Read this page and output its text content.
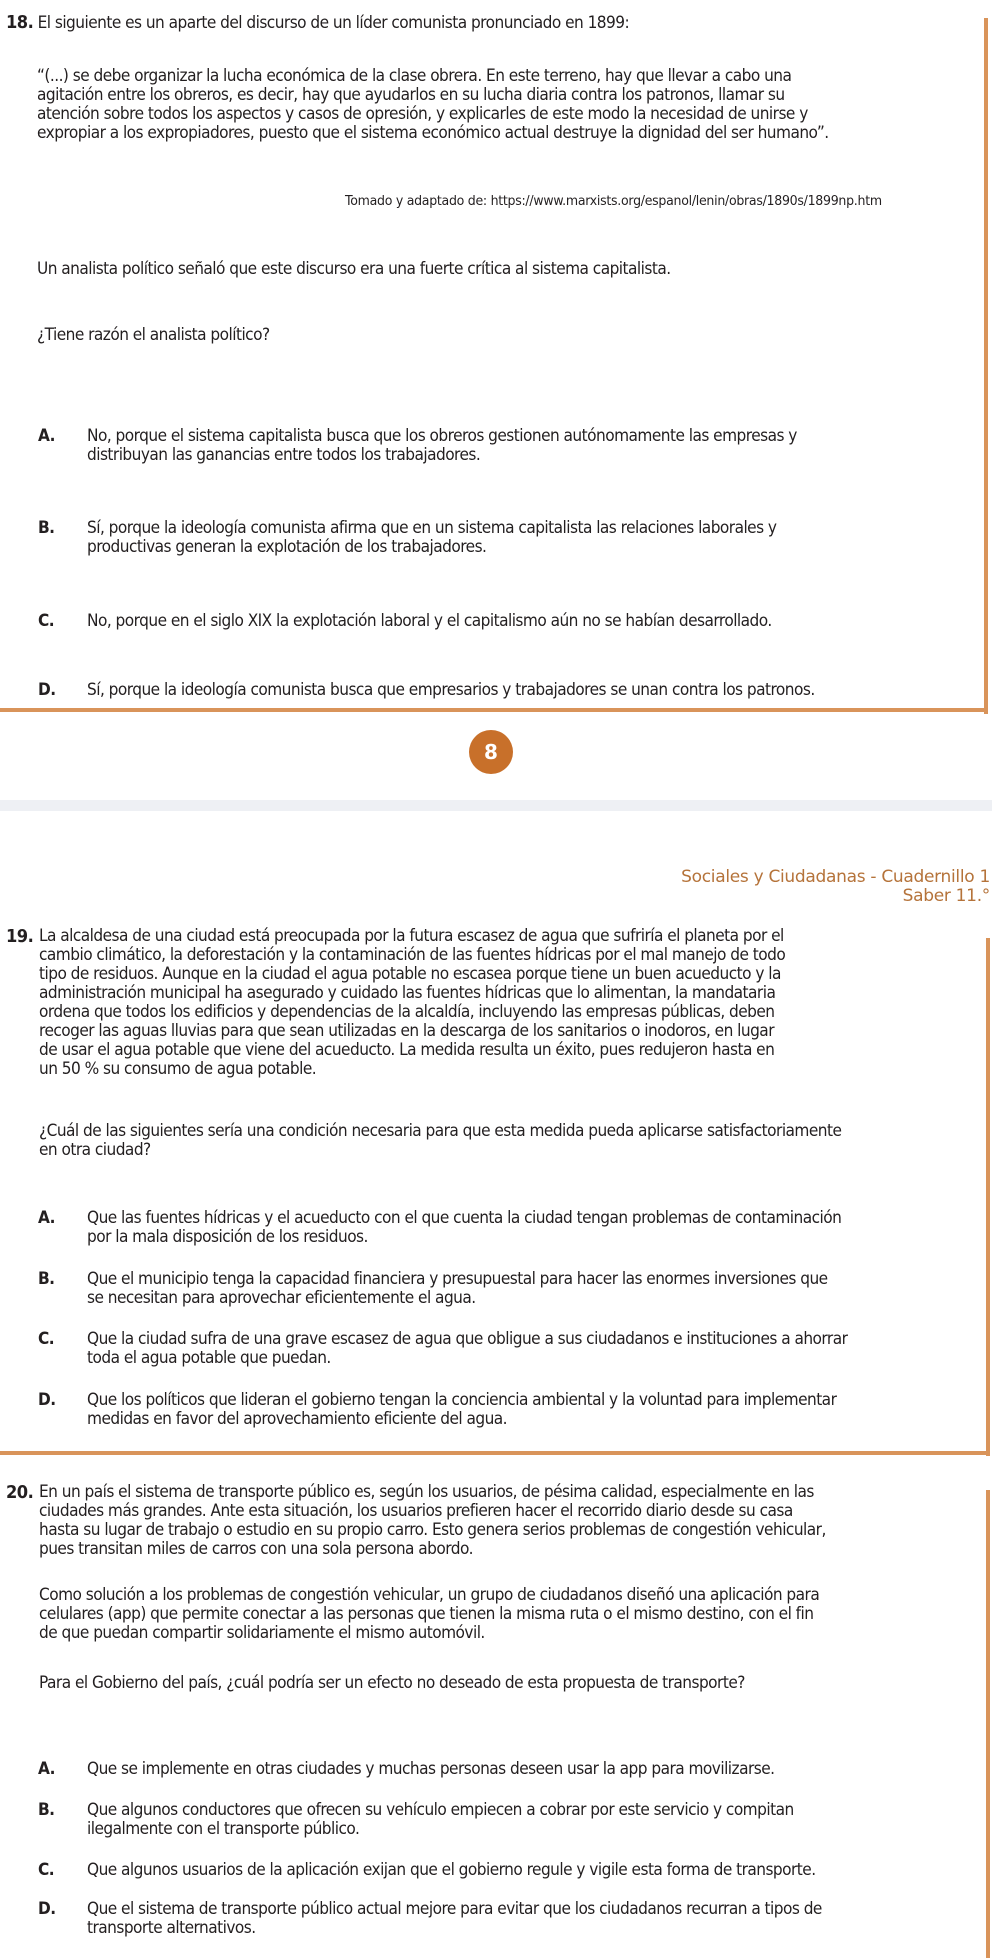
18. El siguiente es un aparte del discurso de un líder comunista pronunciado en 1899:
“(...) se debe organizar la lucha económica de la clase obrera. En este terreno, hay que llevar a cabo una
agitación entre los obreros, es decir, hay que ayudarlos en su lucha diaria contra los patronos, llamar su
atención sobre todos los aspectos y casos de opresión, y explicarles de este modo la necesidad de unirse y
expropiar a los expropiadores, puesto que el sistema económico actual destruye la dignidad del ser humano”.
Tomado y adaptado de: https://www.marxists.org/espanol/lenin/obras/1890s/1899np.htm
Un analista político señaló que este discurso era una fuerte crítica al sistema capitalista.
¿Tiene razón el analista político?
A. No, porque el sistema capitalista busca que los obreros gestionen autónomamente las empresas y
distribuyan las ganancias entre todos los trabajadores.
B. Sí, porque la ideología comunista afirma que en un sistema capitalista las relaciones laborales y
productivas generan la explotación de los trabajadores.
C. No, porque en el siglo XIX la explotación laboral y el capitalismo aún no se habían desarrollado.
D. Sí, porque la ideología comunista busca que empresarios y trabajadores se unan contra los patronos.
8
Sociales y Ciudadanas - Cuadernillo 1
Saber 11.°
19. La alcaldesa de una ciudad está preocupada por la futura escasez de agua que sufriría el planeta por el
cambio climático, la deforestación y la contaminación de las fuentes hídricas por el mal manejo de todo
tipo de residuos. Aunque en la ciudad el agua potable no escasea porque tiene un buen acueducto y la
administración municipal ha asegurado y cuidado las fuentes hídricas que lo alimentan, la mandataria
ordena que todos los edificios y dependencias de la alcaldía, incluyendo las empresas públicas, deben
recoger las aguas lluvias para que sean utilizadas en la descarga de los sanitarios o inodoros, en lugar
de usar el agua potable que viene del acueducto. La medida resulta un éxito, pues redujeron hasta en
un 50 % su consumo de agua potable.
¿Cuál de las siguientes sería una condición necesaria para que esta medida pueda aplicarse satisfactoriamente
en otra ciudad?
A. Que las fuentes hídricas y el acueducto con el que cuenta la ciudad tengan problemas de contaminación
por la mala disposición de los residuos.
B. Que el municipio tenga la capacidad financiera y presupuestal para hacer las enormes inversiones que
se necesitan para aprovechar eficientemente el agua.
C. Que la ciudad sufra de una grave escasez de agua que obligue a sus ciudadanos e instituciones a ahorrar
toda el agua potable que puedan.
D. Que los políticos que lideran el gobierno tengan la conciencia ambiental y la voluntad para implementar
medidas en favor del aprovechamiento eficiente del agua.
20. En un país el sistema de transporte público es, según los usuarios, de pésima calidad, especialmente en las
ciudades más grandes. Ante esta situación, los usuarios prefieren hacer el recorrido diario desde su casa
hasta su lugar de trabajo o estudio en su propio carro. Esto genera serios problemas de congestión vehicular,
pues transitan miles de carros con una sola persona abordo.
Como solución a los problemas de congestión vehicular, un grupo de ciudadanos diseñó una aplicación para
celulares (app) que permite conectar a las personas que tienen la misma ruta o el mismo destino, con el fin
de que puedan compartir solidariamente el mismo automóvil.
Para el Gobierno del país, ¿cuál podría ser un efecto no deseado de esta propuesta de transporte?
A. Que se implemente en otras ciudades y muchas personas deseen usar la app para movilizarse.
B. Que algunos conductores que ofrecen su vehículo empiecen a cobrar por este servicio y compitan
ilegalmente con el transporte público.
C. Que algunos usuarios de la aplicación exijan que el gobierno regule y vigile esta forma de transporte.
D. Que el sistema de transporte público actual mejore para evitar que los ciudadanos recurran a tipos de
transporte alternativos.
